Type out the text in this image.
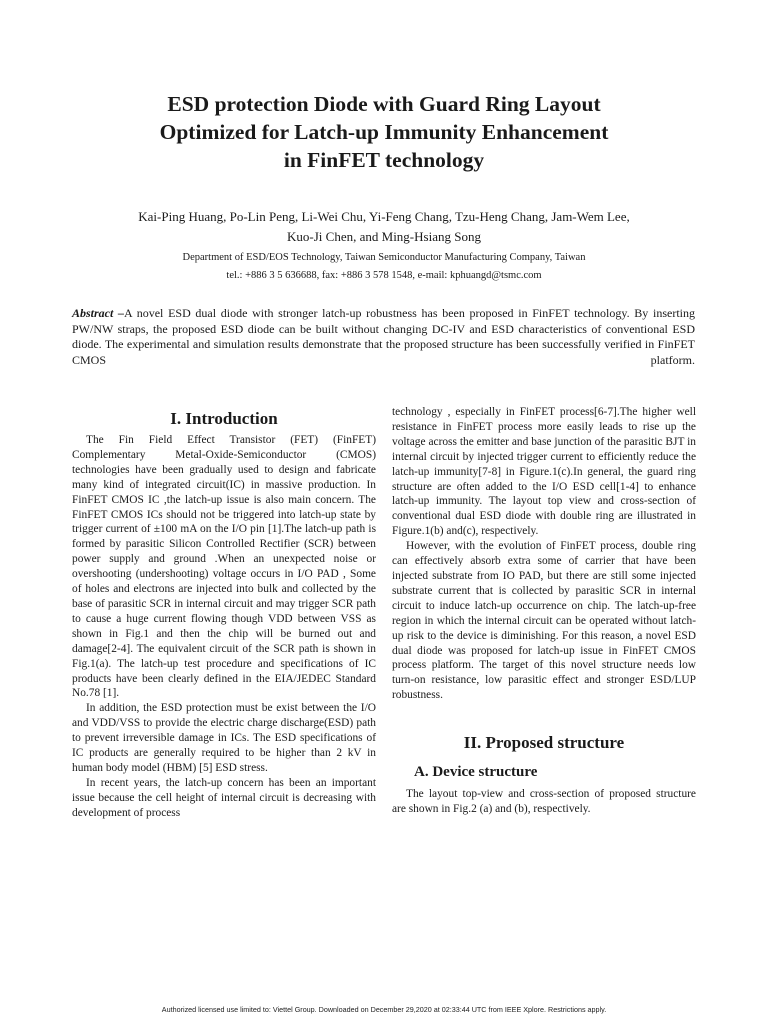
ESD protection Diode with Guard Ring Layout
Optimized for Latch-up Immunity Enhancement
in FinFET technology
Kai-Ping Huang, Po-Lin Peng, Li-Wei Chu, Yi-Feng Chang, Tzu-Heng Chang, Jam-Wem Lee,
Kuo-Ji Chen, and Ming-Hsiang Song
Department of ESD/EOS Technology, Taiwan Semiconductor Manufacturing Company, Taiwan
tel.: +886 3 5 636688, fax: +886 3 578 1548, e-mail: kphuangd@tsmc.com

Abstract –A novel ESD dual diode with stronger latch-up robustness has been proposed in FinFET technology. By inserting PW/NW straps, the proposed ESD diode can be built without changing DC-IV and ESD characteristics of conventional ESD diode. The experimental and simulation results demonstrate that the proposed structure has been successfully verified in FinFET CMOS platform.

I. Introduction

The Fin Field Effect Transistor (FET) (FinFET) Complementary Metal-Oxide-Semiconductor (CMOS) technologies have been gradually used to design and fabricate many kind of integrated circuit(IC) in massive production. In FinFET CMOS IC ,the latch-up issue is also main concern. The FinFET CMOS ICs should not be triggered into latch-up state by trigger current of ±100 mA on the I/O pin [1].The latch-up path is formed by parasitic Silicon Controlled Rectifier (SCR) between power supply and ground .When an unexpected noise or overshooting (undershooting) voltage occurs in I/O PAD , Some of holes and electrons are injected into bulk and collected by the base of parasitic SCR in internal circuit and may trigger SCR path to cause a huge current flowing though VDD between VSS as shown in Fig.1 and then the chip will be burned out and damage[2-4]. The equivalent circuit of the SCR path is shown in Fig.1(a). The latch-up test procedure and specifications of IC products have been clearly defined in the EIA/JEDEC Standard No.78 [1].

In addition, the ESD protection must be exist between the I/O and VDD/VSS to provide the electric charge discharge(ESD) path to prevent irreversible damage in ICs. The ESD specifications of IC products are generally required to be higher than 2 kV in human body model (HBM) [5] ESD stress.

In recent years, the latch-up concern has been an important issue because the cell height of internal circuit is decreasing with development of process

technology , especially in FinFET process[6-7].The higher well resistance in FinFET process more easily leads to rise up the voltage across the emitter and base junction of the parasitic BJT in internal circuit by injected trigger current to efficiently reduce the latch-up immunity[7-8] in Figure.1(c).In general, the guard ring structure are often added to the I/O ESD cell[1-4] to enhance latch-up immunity. The layout top view and cross-section of conventional dual ESD diode with double ring are illustrated in Figure.1(b) and(c), respectively.

However, with the evolution of FinFET process, double ring can effectively absorb extra some of carrier that have been injected substrate from IO PAD, but there are still some injected substrate current that is collected by parasitic SCR in internal circuit to induce latch-up occurrence on chip. The latch-up-free region in which the internal circuit can be operated without latch-up risk to the device is diminishing. For this reason, a novel ESD dual diode was proposed for latch-up issue in FinFET CMOS process platform. The target of this novel structure needs low turn-on resistance, low parasitic effect and stronger ESD/LUP robustness.

II. Proposed structure
A. Device structure

The layout top-view and cross-section of proposed structure are shown in Fig.2 (a) and (b), respectively.

Authorized licensed use limited to: Viettel Group. Downloaded on December 29,2020 at 02:33:44 UTC from IEEE Xplore. Restrictions apply.
